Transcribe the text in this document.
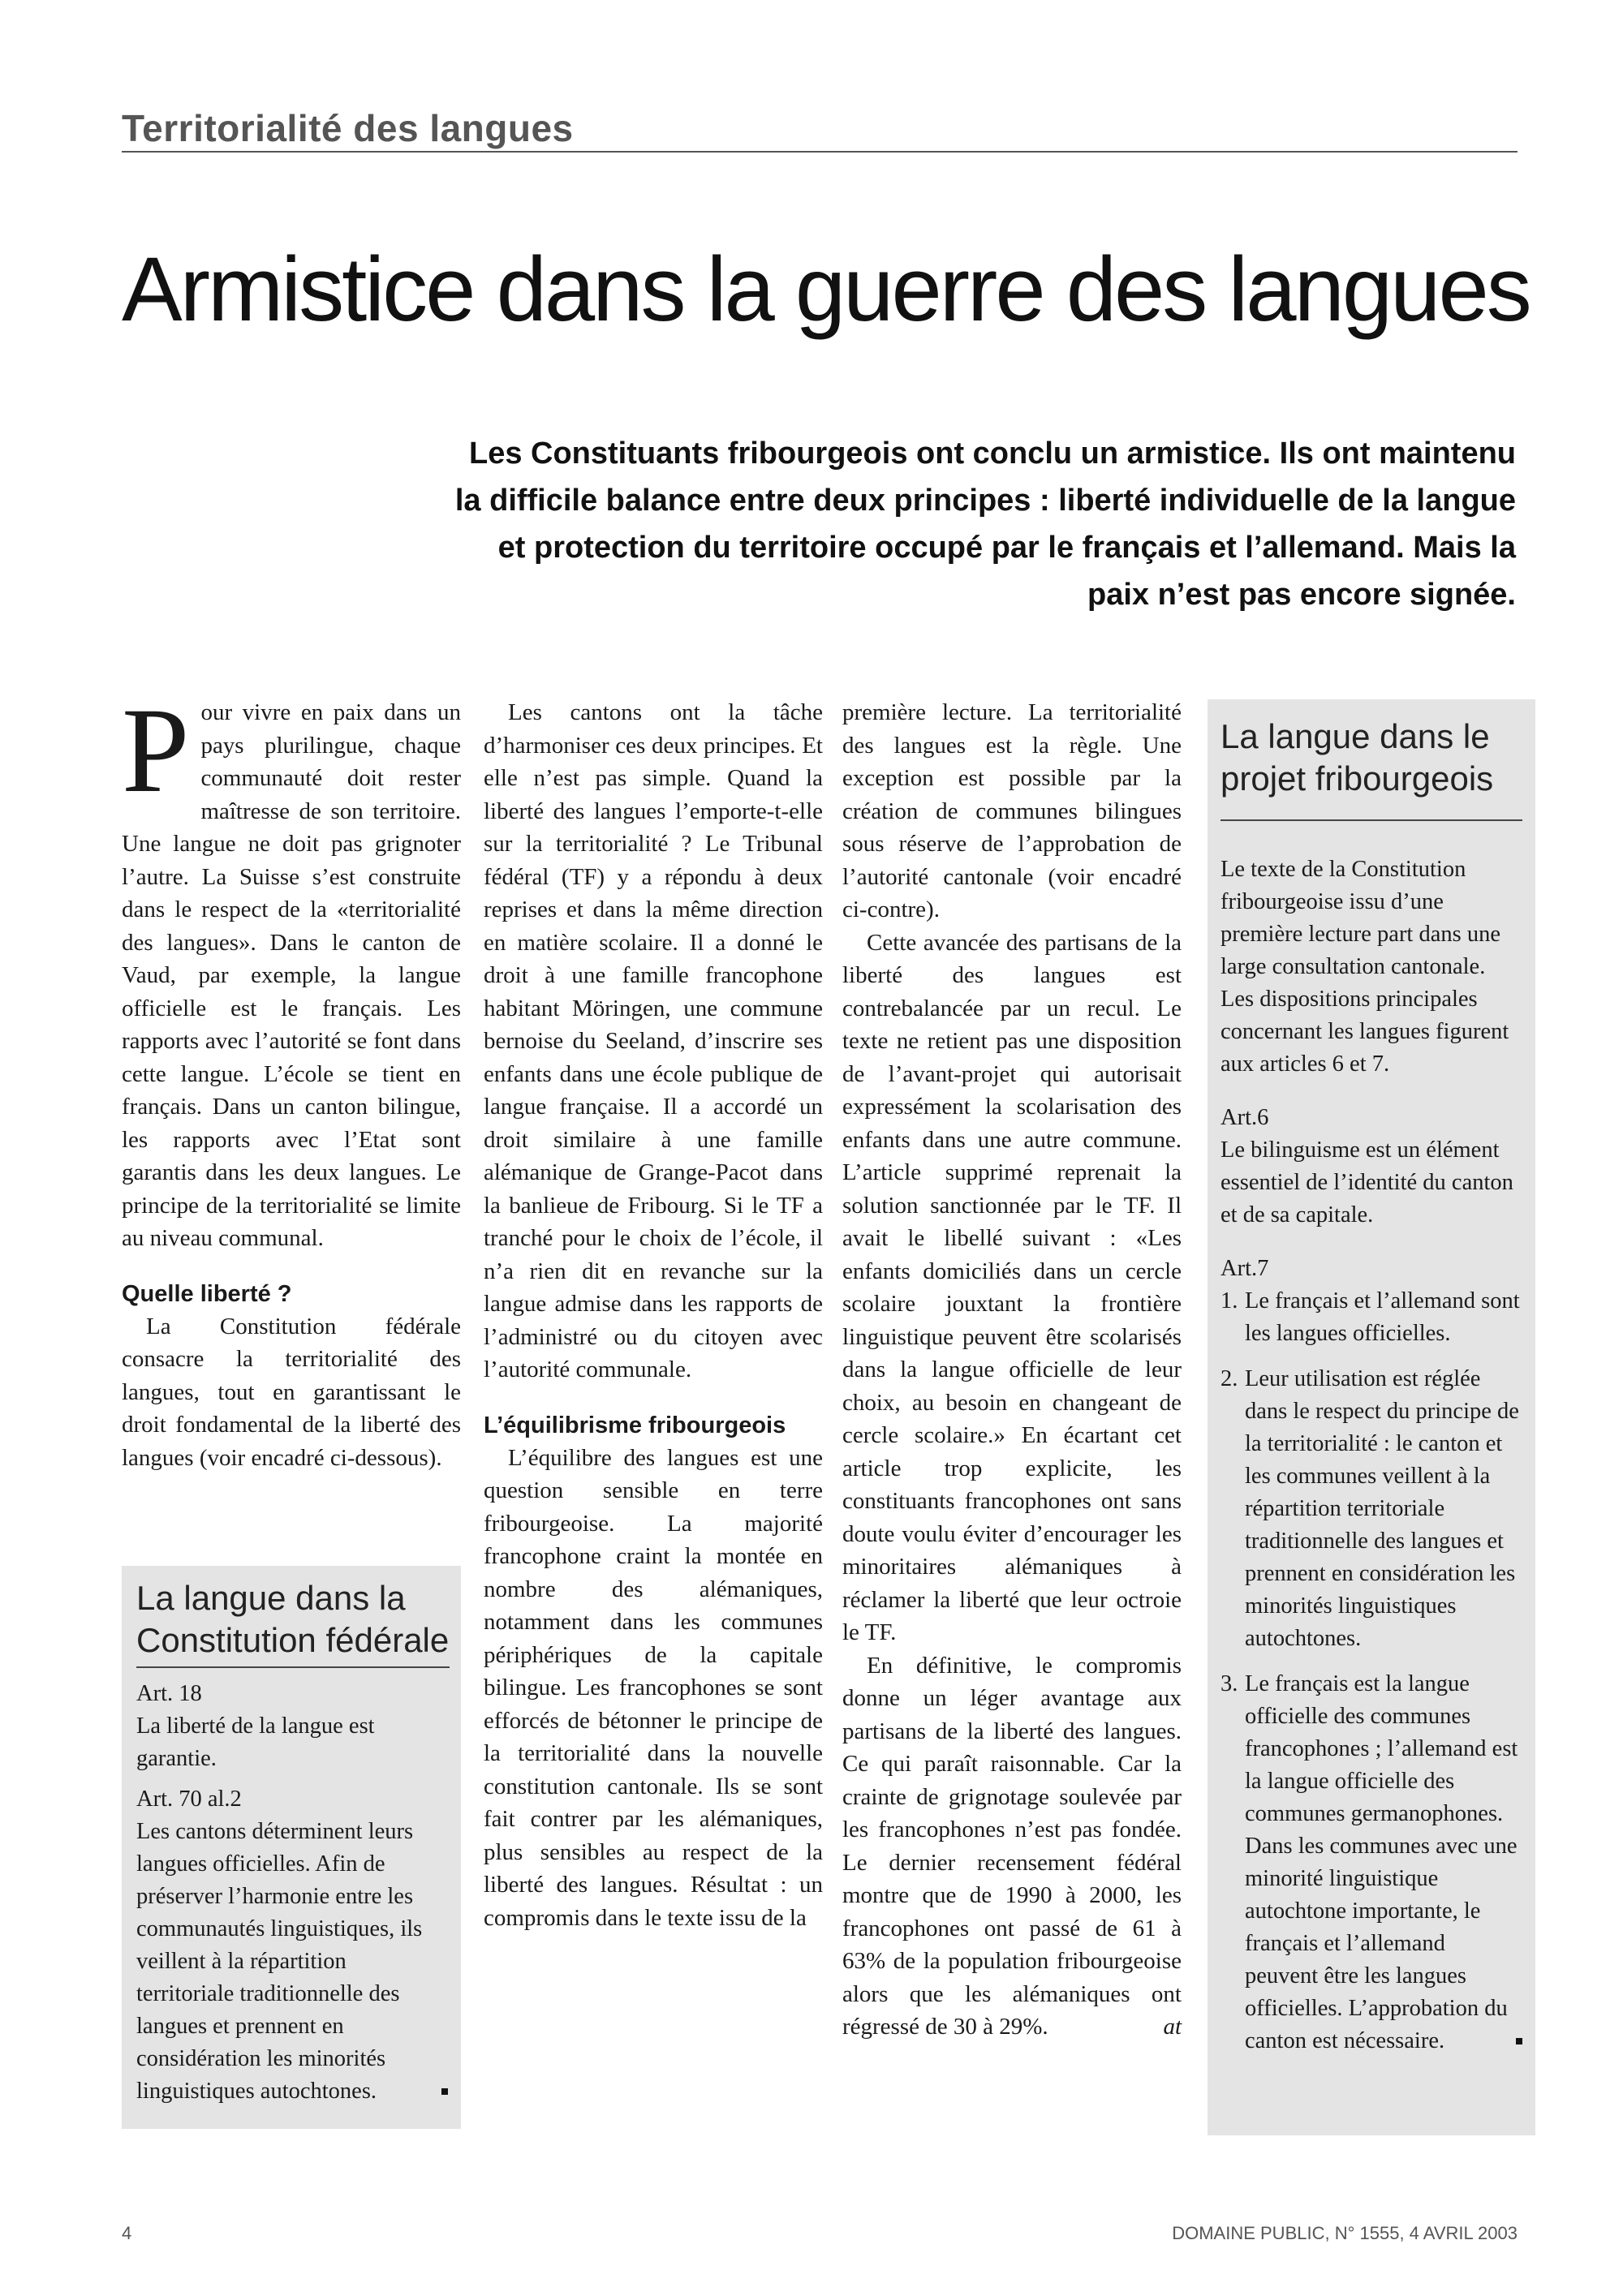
Territorialité des langues
Armistice dans la guerre des langues
Les Constituants fribourgeois ont conclu un armistice. Ils ont maintenu la difficile balance entre deux principes : liberté individuelle de la langue et protection du territoire occupé par le français et l’allemand. Mais la paix n’est pas encore signée.

Pour vivre en paix dans un pays plurilingue, chaque communauté doit rester maîtresse de son territoire. Une langue ne doit pas grignoter l’autre. La Suisse s’est construite dans le respect de la «territorialité des langues». Dans le canton de Vaud, par exemple, la langue officielle est le français. Les rapports avec l’autorité se font dans cette langue. L’école se tient en français. Dans un canton bilingue, les rapports avec l’Etat sont garantis dans les deux langues. Le principe de la territorialité se limite au niveau communal.

Quelle liberté ?

La Constitution fédérale consacre la territorialité des langues, tout en garantissant le droit fondamental de la liberté des langues (voir encadré ci-dessous).

Les cantons ont la tâche d’harmoniser ces deux principes. Et elle n’est pas simple. Quand la liberté des langues l’emporte-t-elle sur la territorialité ? Le Tribunal fédéral (TF) y a répondu à deux reprises et dans la même direction en matière scolaire. Il a donné le droit à une famille francophone habitant Möringen, une commune bernoise du Seeland, d’inscrire ses enfants dans une école publique de langue française. Il a accordé un droit similaire à une famille alémanique de Grange-Pacot dans la banlieue de Fribourg. Si le TF a tranché pour le choix de l’école, il n’a rien dit en revanche sur la langue admise dans les rapports de l’administré ou du citoyen avec l’autorité communale.

L’équilibrisme fribourgeois

L’équilibre des langues est une question sensible en terre fribourgeoise. La majorité francophone craint la montée en nombre des alémaniques, notamment dans les communes périphériques de la capitale bilingue. Les francophones se sont efforcés de bétonner le principe de la territorialité dans la nouvelle constitution cantonale. Ils se sont fait contrer par les alémaniques, plus sensibles au respect de la liberté des langues. Résultat : un compromis dans le texte issu de la

première lecture. La territorialité des langues est la règle. Une exception est possible par la création de communes bilingues sous réserve de l’approbation de l’autorité cantonale (voir encadré ci-contre).

Cette avancée des partisans de la liberté des langues est contrebalancée par un recul. Le texte ne retient pas une disposition de l’avant-projet qui autorisait expressément la scolarisation des enfants dans une autre commune. L’article supprimé reprenait la solution sanctionnée par le TF. Il avait le libellé suivant : «Les enfants domiciliés dans un cercle scolaire jouxtant la frontière linguistique peuvent être scolarisés dans la langue officielle de leur choix, au besoin en changeant de cercle scolaire.» En écartant cet article trop explicite, les constituants francophones ont sans doute voulu éviter d’encourager les minoritaires alémaniques à réclamer la liberté que leur octroie le TF.

En définitive, le compromis donne un léger avantage aux partisans de la liberté des langues. Ce qui paraît raisonnable. Car la crainte de grignotage soulevée par les francophones n’est pas fondée. Le dernier recensement fédéral montre que de 1990 à 2000, les francophones ont passé de 61 à 63% de la population fribourgeoise alors que les alémaniques ont régressé de 30 à 29%.	at

La langue dans la Constitution fédérale

Art. 18

La liberté de la langue est garantie.

Art. 70 al.2

Les cantons déterminent leurs langues officielles. Afin de préserver l’harmonie entre les communautés linguistiques, ils veillent à la répartition territoriale traditionnelle des langues et prennent en considération les minorités linguistiques autochtones.

La langue dans le projet fribourgeois

Le texte de la Constitution fribourgeoise issu d’une première lecture part dans une large consultation cantonale. Les dispositions principales concernant les langues figurent aux articles 6 et 7.

Art.6

Le bilinguisme est un élément essentiel de l’identité du canton et de sa capitale.

Art.7

1. Le français et l’allemand sont les langues officielles.
2. Leur utilisation est réglée dans le respect du principe de la territorialité : le canton et les communes veillent à la répartition territoriale traditionnelle des langues et prennent en considération les minorités linguistiques autochtones.
3. Le français est la langue officielle des communes francophones ; l’allemand est la langue officielle des communes germanophones. Dans les communes avec une minorité linguistique autochtone importante, le français et l’allemand peuvent être les langues officielles. L’approbation du canton est nécessaire.
4	DOMAINE PUBLIC, N° 1555, 4 AVRIL 2003
